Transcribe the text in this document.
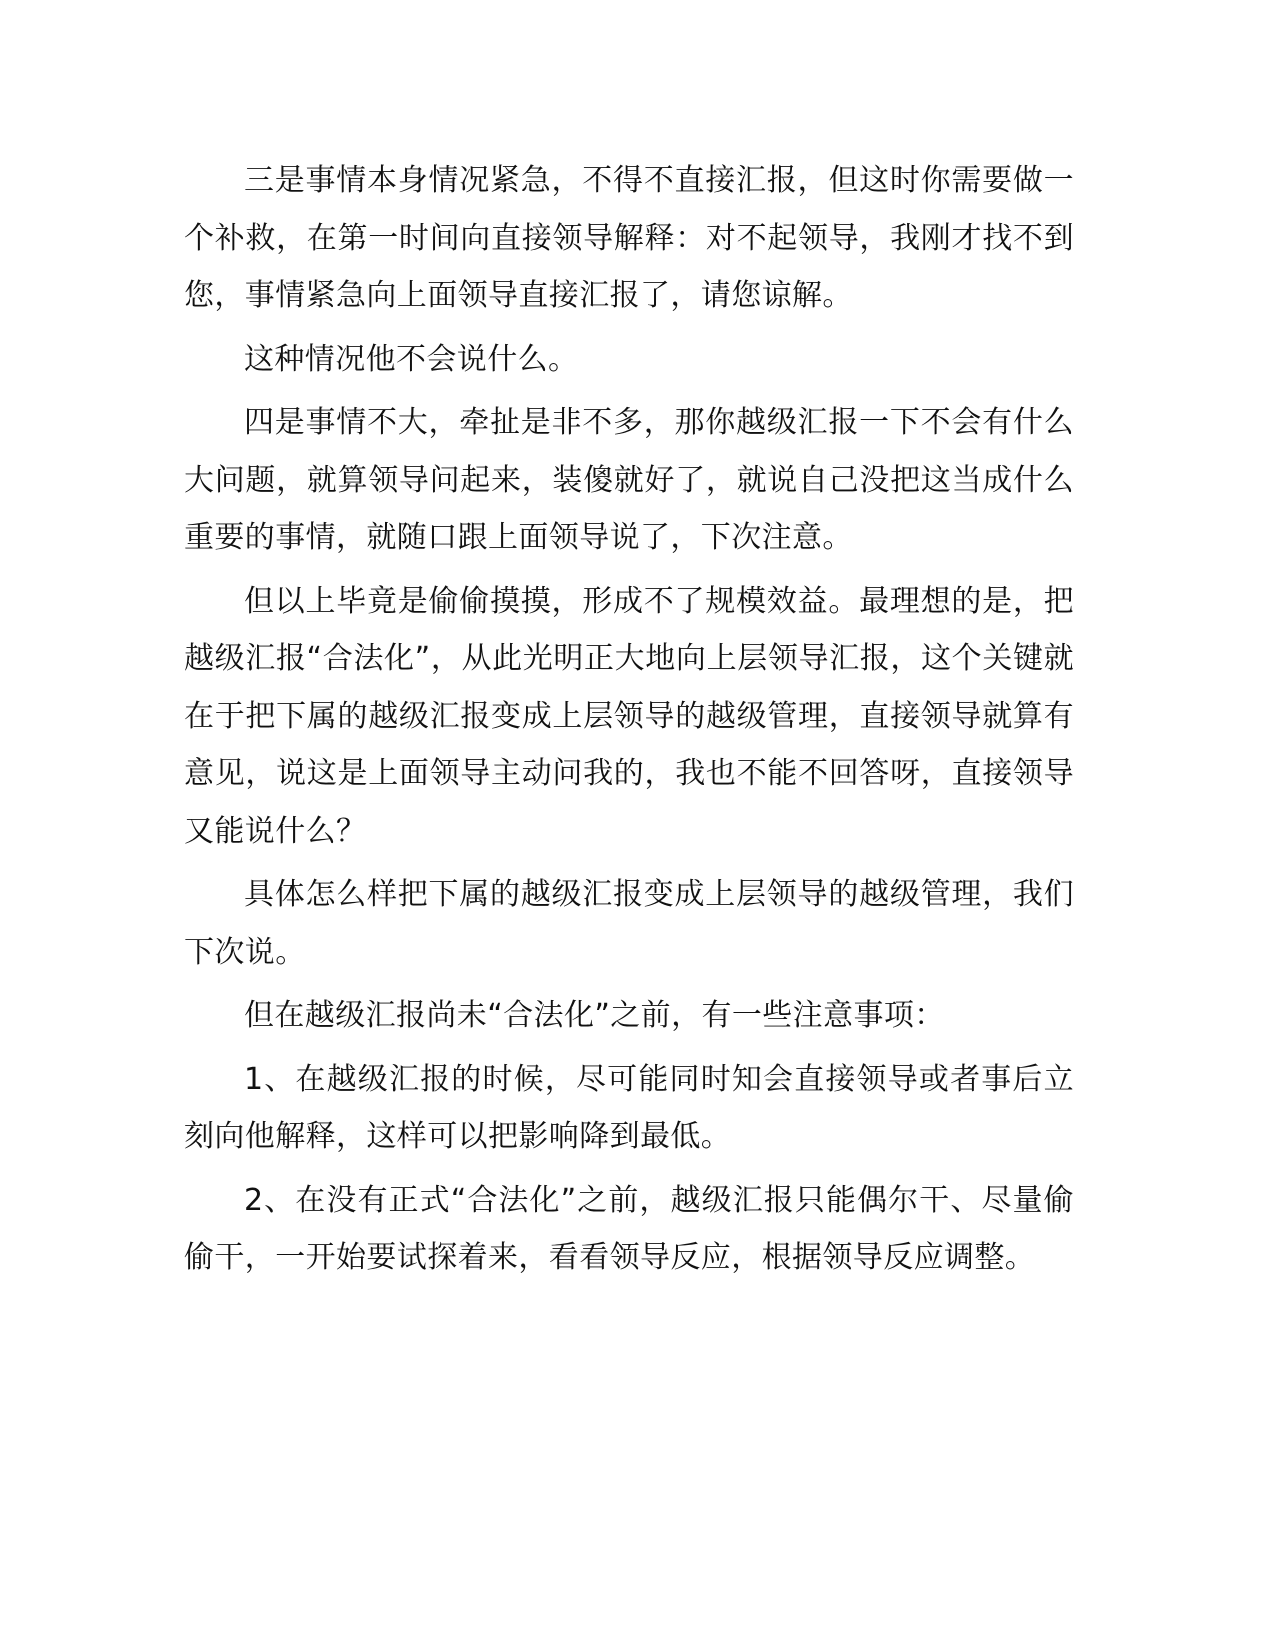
三是事情本身情况紧急，不得不直接汇报，但这时你需要做一个补救，在第一时间向直接领导解释：对不起领导，我刚才找不到您，事情紧急向上面领导直接汇报了，请您谅解。

这种情况他不会说什么。

四是事情不大，牵扯是非不多，那你越级汇报一下不会有什么大问题，就算领导问起来，装傻就好了，就说自己没把这当成什么重要的事情，就随口跟上面领导说了，下次注意。

但以上毕竟是偷偷摸摸，形成不了规模效益。最理想的是，把越级汇报“合法化”，从此光明正大地向上层领导汇报，这个关键就在于把下属的越级汇报变成上层领导的越级管理，直接领导就算有意见，说这是上面领导主动问我的，我也不能不回答呀，直接领导又能说什么？

具体怎么样把下属的越级汇报变成上层领导的越级管理，我们下次说。

但在越级汇报尚未“合法化”之前，有一些注意事项：

1、在越级汇报的时候，尽可能同时知会直接领导或者事后立刻向他解释，这样可以把影响降到最低。

2、在没有正式“合法化”之前，越级汇报只能偶尔干、尽量偷偷干，一开始要试探着来，看看领导反应，根据领导反应调整。
